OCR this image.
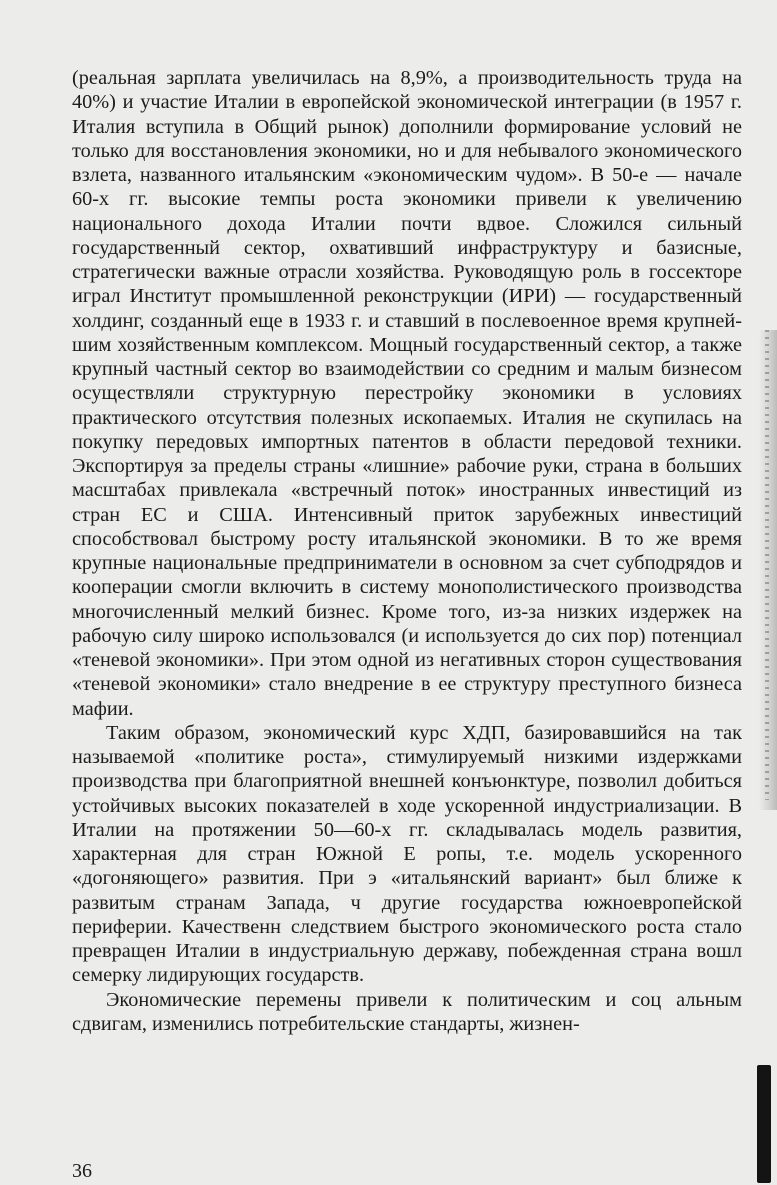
(реальная зарплата увеличилась на 8,9%, а производительность труда на 40%) и участие Италии в европейской экономической интеграции (в 1957 г. Италия вступила в Общий рынок) дополнили формирование условий не только для восстановления экономики, но и для небывалого экономического взлета, названного итальянским «экономическим чудом». В 50-е — начале 60-х гг. высокие темпы роста экономики привели к увеличению национального дохода Италии почти вдвое. Сложился сильный государственный сектор, охвативший инфраструктуру и базисные, стратегически важные отрасли хозяйства. Руководящую роль в госсекторе играл Институт промышленной реконструкции (ИРИ) — государственный холдинг, созданный еще в 1933 г. и ставший в послевоенное время крупнейшим хозяйственным комплексом. Мощный государственный сектор, а также крупный частный сектор во взаимодействии со средним и малым бизнесом осуществляли структурную перестройку экономики в условиях практического отсутствия полезных ископаемых. Италия не скупилась на покупку передовых импортных патентов в области передовой техники. Экспортируя за пределы страны «лишние» рабочие руки, страна в больших масштабах привлекала «встречный поток» иностранных инвестиций из стран ЕС и США. Интенсивный приток зарубежных инвестиций способствовал быстрому росту итальянской экономики. В то же время крупные национальные предприниматели в основном за счет субподрядов и кооперации смогли включить в систему монополистического производства многочисленный мелкий бизнес. Кроме того, из-за низких издержек на рабочую силу широко использовался (и используется до сих пор) потенциал «теневой экономики». При этом одной из негативных сторон существования «теневой экономики» стало внедрение в ее структуру преступного бизнеса мафии.

Таким образом, экономический курс ХДП, базировавшийся на так называемой «политике роста», стимулируемый низкими издержками производства при благоприятной внешней конъюнктуре, позволил добиться устойчивых высоких показателей в ходе ускоренной индустриализации. В Италии на протяжении 50—60-х гг. складывалась модель развития, характерная для стран Южной Е ропы, т.е. модель ускоренного «догоняющего» развития. При э «итальянский вариант» был ближе к развитым странам Запада, ч другие государства южноевропейской периферии. Качественн следствием быстрого экономического роста стало превращен Италии в индустриальную державу, побежденная страна вошл семерку лидирующих государств.

Экономические перемены привели к политическим и соц альным сдвигам, изменились потребительские стандарты, жизнен-

36
